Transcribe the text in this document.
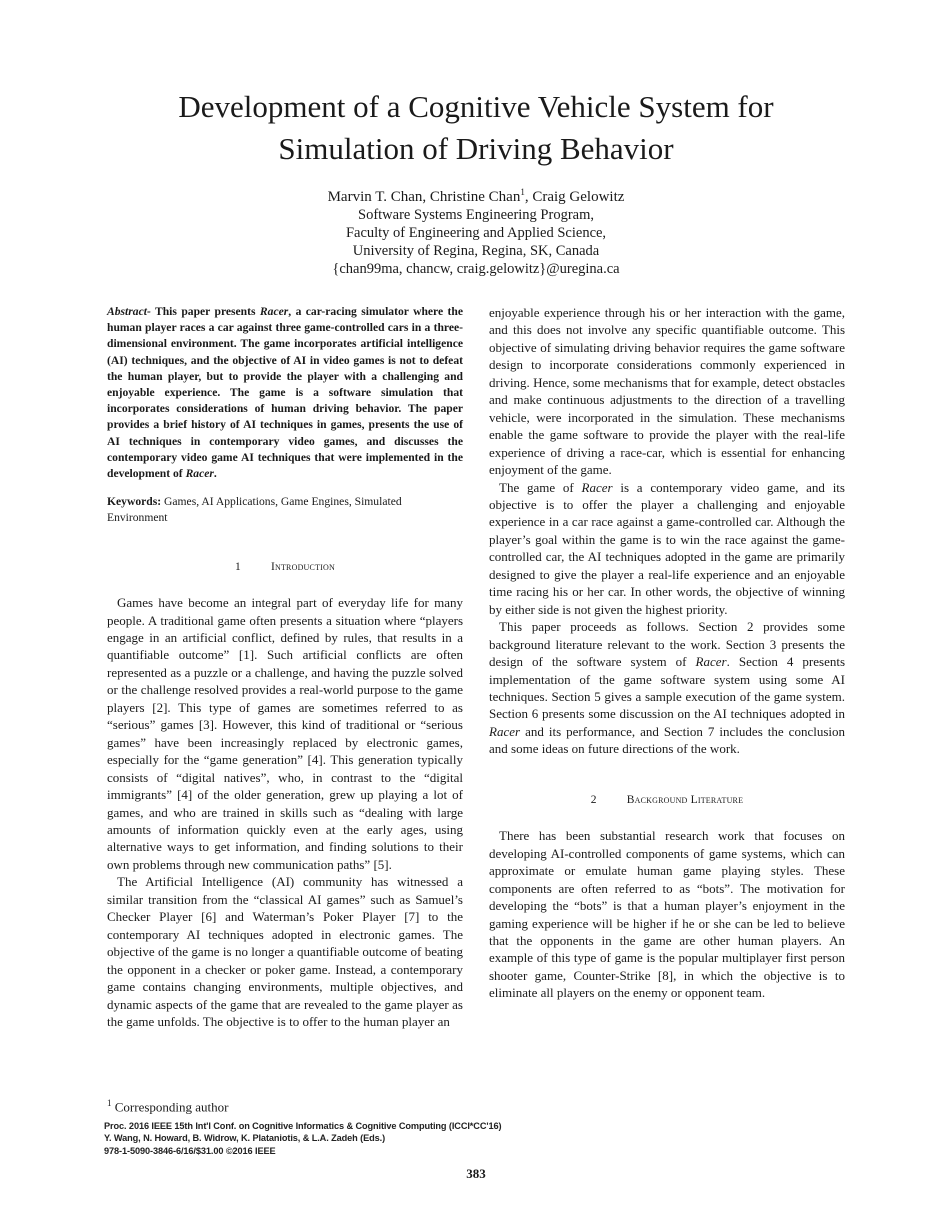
Development of a Cognitive Vehicle System for
Simulation of Driving Behavior
Marvin T. Chan, Christine Chan$^1$, Craig Gelowitz
Software Systems Engineering Program,
Faculty of Engineering and Applied Science,
University of Regina, Regina, SK, Canada
{chan99ma, chancw, craig.gelowitz}@uregina.ca

Abstract- This paper presents Racer, a car-racing simulator where the human player races a car against three game-controlled cars in a three-dimensional environment. The game incorporates artificial intelligence (AI) techniques, and the objective of AI in video games is not to defeat the human player, but to provide the player with a challenging and enjoyable experience. The game is a software simulation that incorporates considerations of human driving behavior. The paper provides a brief history of AI techniques in games, presents the use of AI techniques in contemporary video games, and discusses the contemporary video game AI techniques that were implemented in the development of Racer.

Keywords: Games, AI Applications, Game Engines, Simulated Environment

1	Introduction

Games have become an integral part of everyday life for many people. A traditional game often presents a situation where “players engage in an artificial conflict, defined by rules, that results in a quantifiable outcome” [1]. Such artificial conflicts are often represented as a puzzle or a challenge, and having the puzzle solved or the challenge resolved provides a real-world purpose to the game players [2]. This type of games are sometimes referred to as “serious” games [3]. However, this kind of traditional or “serious games” have been increasingly replaced by electronic games, especially for the “game generation” [4]. This generation typically consists of “digital natives”, who, in contrast to the “digital immigrants” [4] of the older generation, grew up playing a lot of games, and who are trained in skills such as “dealing with large amounts of information quickly even at the early ages, using alternative ways to get information, and finding solutions to their own problems through new communication paths” [5].

The Artificial Intelligence (AI) community has witnessed a similar transition from the “classical AI games” such as Samuel’s Checker Player [6] and Waterman’s Poker Player [7] to the contemporary AI techniques adopted in electronic games. The objective of the game is no longer a quantifiable outcome of beating the opponent in a checker or poker game. Instead, a contemporary game contains changing environments, multiple objectives, and dynamic aspects of the game that are revealed to the game player as the game unfolds. The objective is to offer to the human player an

enjoyable experience through his or her interaction with the game, and this does not involve any specific quantifiable outcome. This objective of simulating driving behavior requires the game software design to incorporate considerations commonly experienced in driving. Hence, some mechanisms that for example, detect obstacles and make continuous adjustments to the direction of a travelling vehicle, were incorporated in the simulation. These mechanisms enable the game software to provide the player with the real-life experience of driving a race-car, which is essential for enhancing enjoyment of the game.

The game of Racer is a contemporary video game, and its objective is to offer the player a challenging and enjoyable experience in a car race against a game-controlled car. Although the player’s goal within the game is to win the race against the game-controlled car, the AI techniques adopted in the game are primarily designed to give the player a real-life experience and an enjoyable time racing his or her car. In other words, the objective of winning by either side is not given the highest priority.

This paper proceeds as follows. Section 2 provides some background literature relevant to the work. Section 3 presents the design of the software system of Racer. Section 4 presents implementation of the game software system using some AI techniques. Section 5 gives a sample execution of the game system. Section 6 presents some discussion on the AI techniques adopted in Racer and its performance, and Section 7 includes the conclusion and some ideas on future directions of the work.

2	Background Literature

There has been substantial research work that focuses on developing AI-controlled components of game systems, which can approximate or emulate human game playing styles. These components are often referred to as “bots”. The motivation for developing the “bots” is that a human player’s enjoyment in the gaming experience will be higher if he or she can be led to believe that the opponents in the game are other human players. An example of this type of game is the popular multiplayer first person shooter game, Counter-Strike [8], in which the objective is to eliminate all players on the enemy or opponent team.

$^1$ Corresponding author
Proc. 2016 IEEE 15th Int'l Conf. on Cognitive Informatics & Cognitive Computing (ICCI*CC'16)
Y. Wang, N. Howard, B. Widrow, K. Plataniotis, & L.A. Zadeh (Eds.)
978-1-5090-3846-6/16/$31.00 ©2016 IEEE
383
